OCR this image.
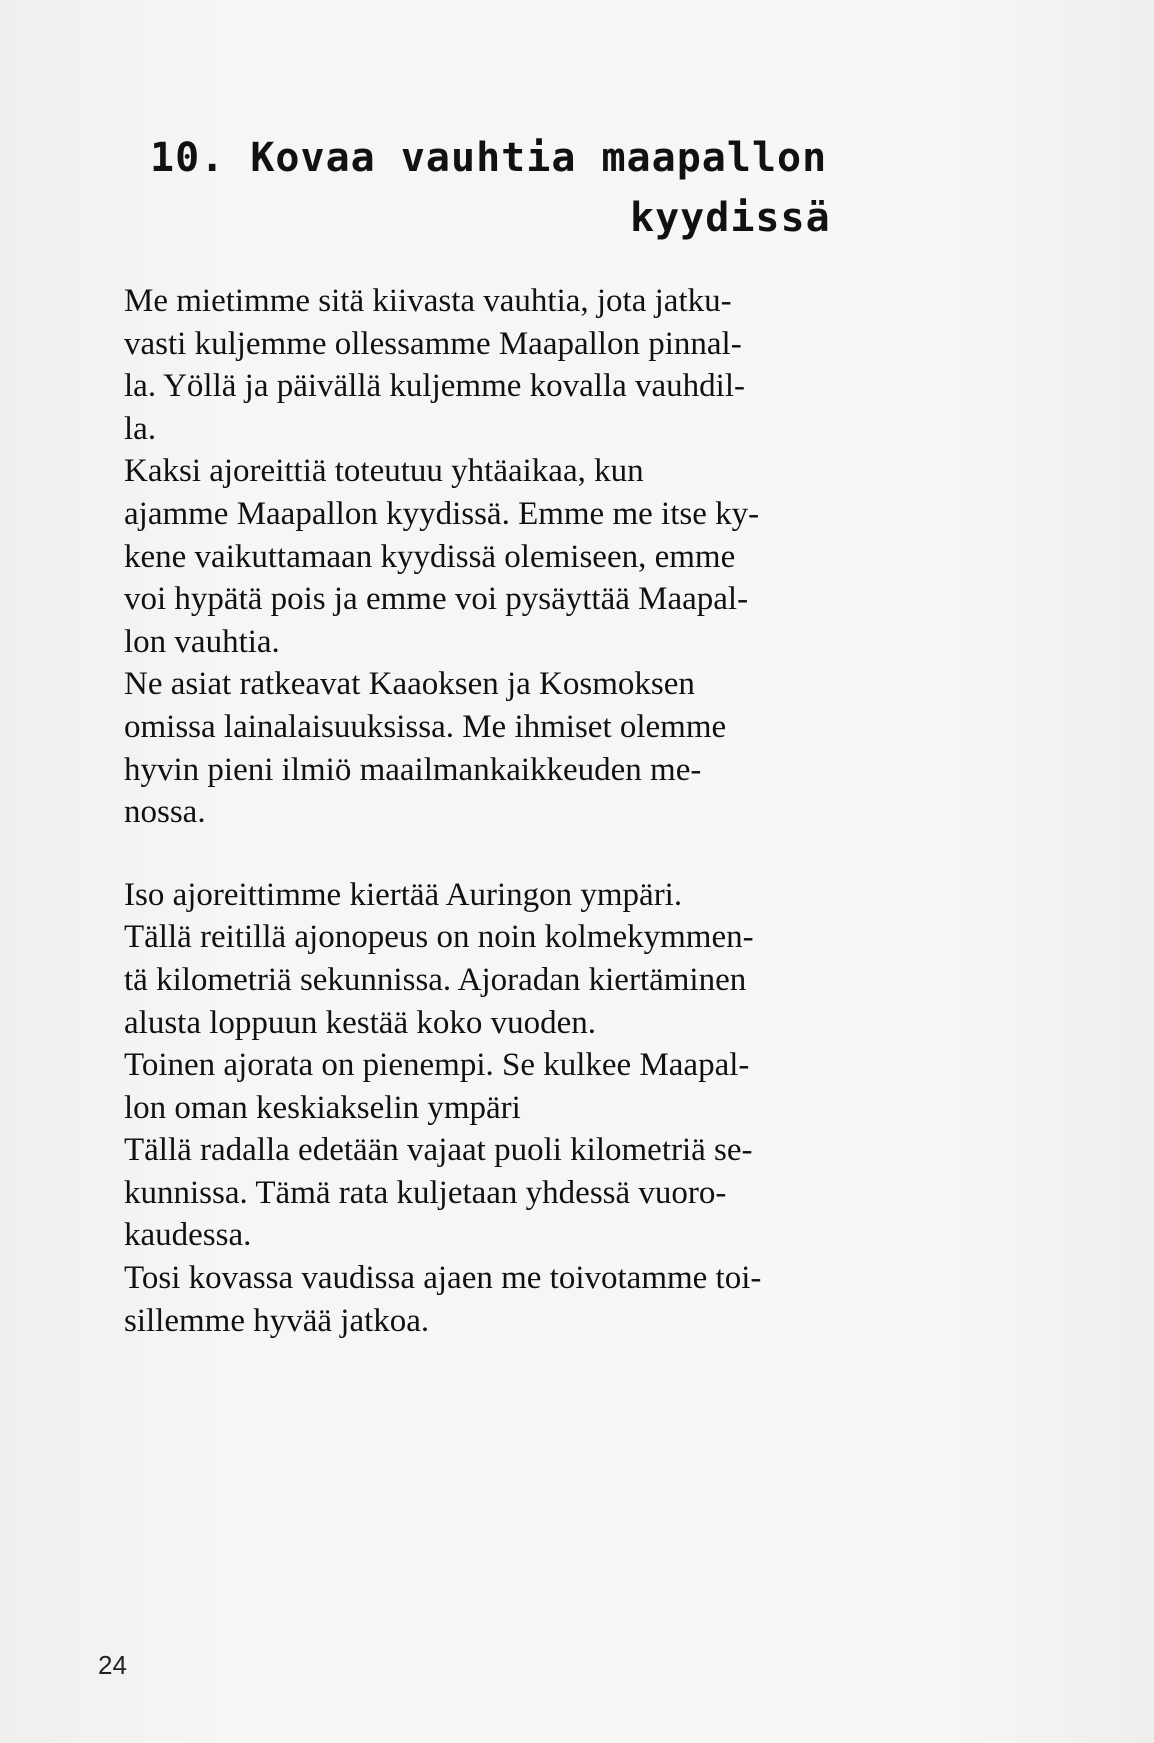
10. Kovaa vauhtia maapallon
kyydissä
Me mietimme sitä kiivasta vauhtia, jota jatku-
vasti kuljemme ollessamme Maapallon pinnal-
la. Yöllä ja päivällä kuljemme kovalla vauhdil-
la.
Kaksi ajoreittiä toteutuu yhtäaikaa, kun
ajamme Maapallon kyydissä. Emme me itse ky-
kene vaikuttamaan kyydissä olemiseen, emme
voi hypätä pois ja emme voi pysäyttää Maapal-
lon vauhtia.
Ne asiat ratkeavat Kaaoksen ja Kosmoksen
omissa lainalaisuuksissa. Me ihmiset olemme
hyvin pieni ilmiö maailmankaikkeuden me-
nossa.
Iso ajoreittimme kiertää Auringon ympäri.
Tällä reitillä ajonopeus on noin kolmekymmen-
tä kilometriä sekunnissa. Ajoradan kiertäminen
alusta loppuun kestää koko vuoden.
Toinen ajorata on pienempi. Se kulkee Maapal-
lon oman keskiakselin ympäri
Tällä radalla edetään vajaat puoli kilometriä se-
kunnissa. Tämä rata kuljetaan yhdessä vuoro-
kaudessa.
Tosi kovassa vaudissa ajaen me toivotamme toi-
sillemme hyvää jatkoa.
24
